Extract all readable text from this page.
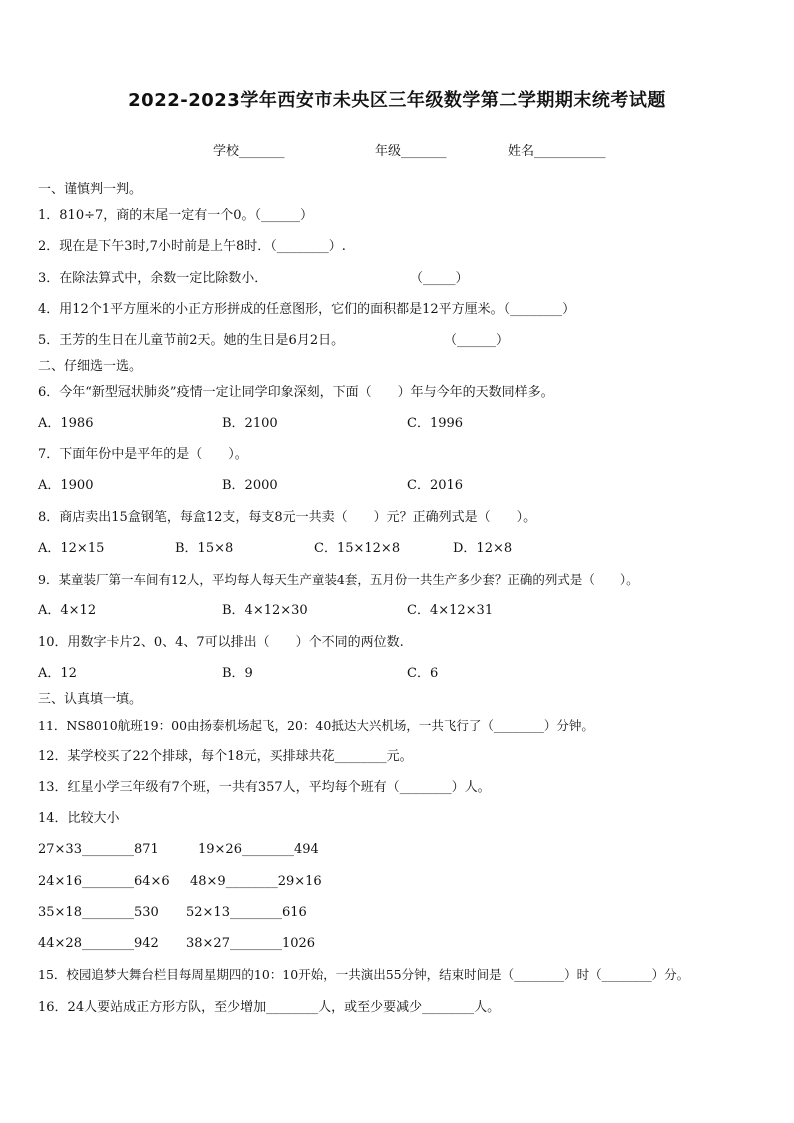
2022-2023学年西安市未央区三年级数学第二学期期末统考试题
学校_______	年级_______	姓名___________
一、谨慎判一判。
1．810÷7，商的末尾一定有一个0。（______）
2．现在是下午3时,7小时前是上午8时．（________）.
3．在除法算式中，余数一定比除数小．	（_____）
4．用12个1平方厘米的小正方形拼成的任意图形，它们的面积都是12平方厘米。（________）
5．王芳的生日在儿童节前2天。她的生日是6月2日。	（______）
二、仔细选一选。
6．今年“新型冠状肺炎”疫情一定让同学印象深刻，下面（　　）年与今年的天数同样多。
A．1986	B．2100	C．1996
7．下面年份中是平年的是（　　）。
A．1900	B．2000	C．2016
8．商店卖出15盒钢笔，每盒12支，每支8元一共卖（　　）元？正确列式是（　　）。
A．12×15	B．15×8	C．15×12×8	D．12×8
9．某童装厂第一车间有12人，平均每人每天生产童装4套，五月份一共生产多少套？正确的列式是（　　）。
A．4×12	B．4×12×30	C．4×12×31
10．用数字卡片2、0、4、7可以排出（　　）个不同的两位数.
A．12	B．9	C．6
三、认真填一填。
11．NS8010航班19：00由扬泰机场起飞，20：40抵达大兴机场，一共飞行了（________）分钟。
12．某学校买了22个排球，每个18元，买排球共花________元。
13．红星小学三年级有7个班，一共有357人，平均每个班有（________）人。
14．比较大小
27×33________871	19×26________494
24×16________64×6 48×9________29×16
35×18________530 52×13________616
44×28________942 38×27________1026
15．校园追梦大舞台栏目每周星期四的10：10开始，一共演出55分钟，结束时间是（________）时（________）分。
16．24人要站成正方形方队，至少增加________人，或至少要减少________人。
